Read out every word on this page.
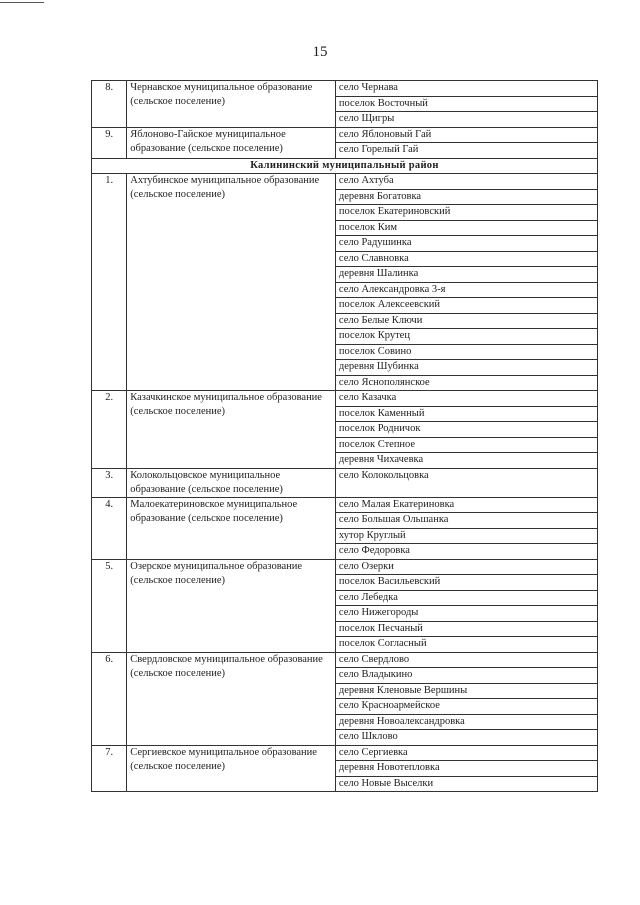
15
8.	Чернавское муниципальное образование (сельское поселение)	село Чернава
		поселок Восточный
		село Щигры
9.	Яблоново-Гайское муниципальное образование (сельское поселение)	село Яблоновый Гай
		село Горелый Гай
Калининский муниципальный район		
1.	Ахтубинское муниципальное образование (сельское поселение)	село Ахтуба
		деревня Богатовка
		поселок Екатериновский
		поселок Ким
		село Радушинка
		село Славновка
		деревня Шалинка
		село Александровка 3-я
		поселок Алексеевский
		село Белые Ключи
		поселок Крутец
		поселок Совино
		деревня Шубинка
		село Яснополянское
2.	Казачкинское муниципальное образование (сельское поселение)	село Казачка
		поселок Каменный
		поселок Родничок
		поселок Степное
		деревня Чихачевка
3.	Колокольцовское муниципальное образование (сельское поселение)	село Колокольцовка
4.	Малоекатериновское муниципальное образование (сельское поселение)	село Малая Екатериновка
		село Большая Ольшанка
		хутор Круглый
		село Федоровка
5.	Озерское муниципальное образование (сельское поселение)	село Озерки
		поселок Васильевский
		село Лебедка
		село Нижегороды
		поселок Песчаный
		поселок Согласный
6.	Свердловское муниципальное образование (сельское поселение)	село Свердлово
		село Владыкино
		деревня Кленовые Вершины
		село Красноармейское
		деревня Новоалександровка
		село Шклово
7.	Сергиевское муниципальное образование (сельское поселение)	село Сергиевка
		деревня Новотепловка
		село Новые Выселки
